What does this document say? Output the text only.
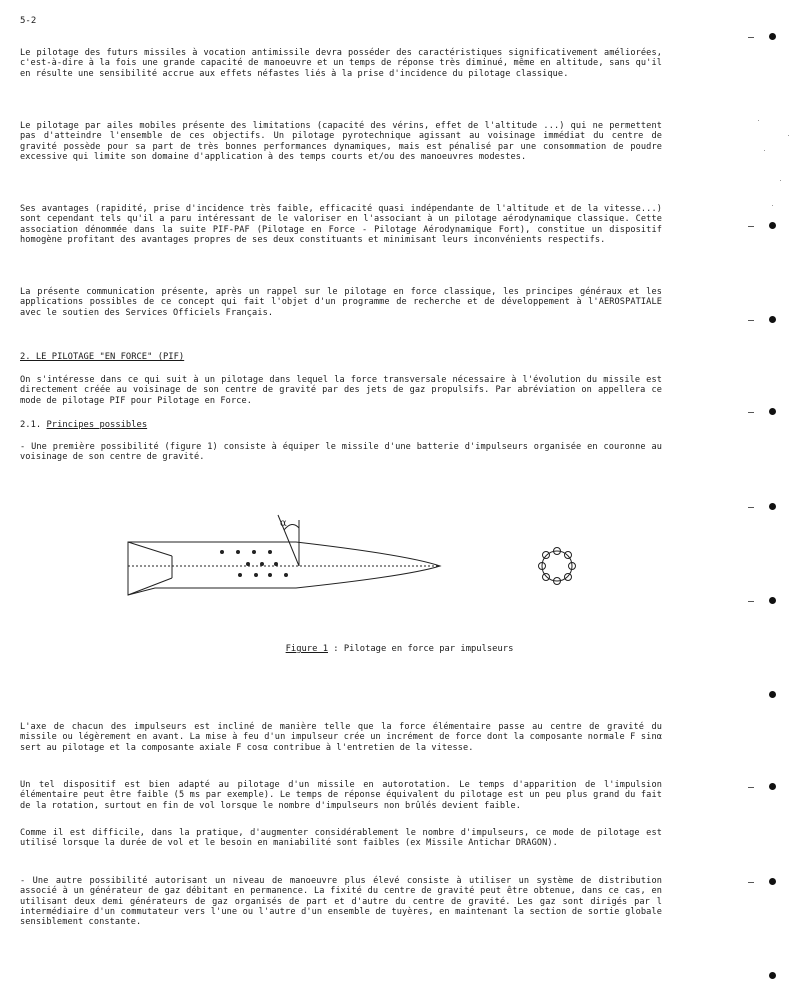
5-2

Le pilotage des futurs missiles à vocation antimissile devra posséder des caractéristiques significativement améliorées, c'est-à-dire à la fois une grande capacité de manoeuvre et un temps de réponse très diminué, même en altitude, sans qu'il en résulte une sensibilité accrue aux effets néfastes liés à la prise d'incidence du pilotage classique.

Le pilotage par ailes mobiles présente des limitations (capacité des vérins, effet de l'altitude ...) qui ne permettent pas d'atteindre l'ensemble de ces objectifs. Un pilotage pyrotechnique agissant au voisinage immédiat du centre de gravité possède pour sa part de très bonnes performances dynamiques, mais est pénalisé par une consommation de poudre excessive qui limite son domaine d'application à des temps courts et/ou des manoeuvres modestes.

Ses avantages (rapidité, prise d'incidence très faible, efficacité quasi indépendante de l'altitude et de la vitesse...) sont cependant tels qu'il a paru intéressant de le valoriser en l'associant à un pilotage aérodynamique classique. Cette association dénommée dans la suite PIF-PAF (Pilotage en Force - Pilotage Aérodynamique Fort), constitue un dispositif homogène profitant des avantages propres de ses deux constituants et minimisant leurs inconvénients respectifs.

La présente communication présente, après un rappel sur le pilotage en force classique, les principes généraux et les applications possibles de ce concept qui fait l'objet d'un programme de recherche et de développement à l'AEROSPATIALE avec le soutien des Services Officiels Français.

2. LE PILOTAGE "EN FORCE" (PIF)

On s'intéresse dans ce qui suit à un pilotage dans lequel la force transversale nécessaire à l'évolution du missile est directement créée au voisinage de son centre de gravité par des jets de gaz propulsifs. Par abréviation on appellera ce mode de pilotage PIF pour Pilotage en Force.

2.1. Principes possibles

- Une première possibilité (figure 1) consiste à équiper le missile d'une batterie d'impulseurs organisée en couronne au voisinage de son centre de gravité.

α
Figure 1 : Pilotage en force par impulseurs

L'axe de chacun des impulseurs est incliné de manière telle que la force élémentaire passe au centre de gravité du missile ou légèrement en avant. La mise à feu d'un impulseur crée un incrément de force dont la composante normale F sinα sert au pilotage et la composante axiale F cosα contribue à l'entretien de la vitesse.

Un tel dispositif est bien adapté au pilotage d'un missile en autorotation. Le temps d'apparition de l'impulsion élémentaire peut être faible (5 ms par exemple). Le temps de réponse équivalent du pilotage est un peu plus grand du fait de la rotation, surtout en fin de vol lorsque le nombre d'impulseurs non brûlés devient faible.

Comme il est difficile, dans la pratique, d'augmenter considérablement le nombre d'impulseurs, ce mode de pilotage est utilisé lorsque la durée de vol et le besoin en maniabilité sont faibles (ex Missile Antichar DRAGON).

- Une autre possibilité autorisant un niveau de manoeuvre plus élevé consiste à utiliser un système de distribution associé à un générateur de gaz débitant en permanence. La fixité du centre de gravité peut être obtenue, dans ce cas, en utilisant deux demi générateurs de gaz organisés de part et d'autre du centre de gravité. Les gaz sont dirigés par l intermédiaire d'un commutateur vers l'une ou l'autre d'un ensemble de tuyères, en maintenant la section de sortie globale sensiblement constante.
